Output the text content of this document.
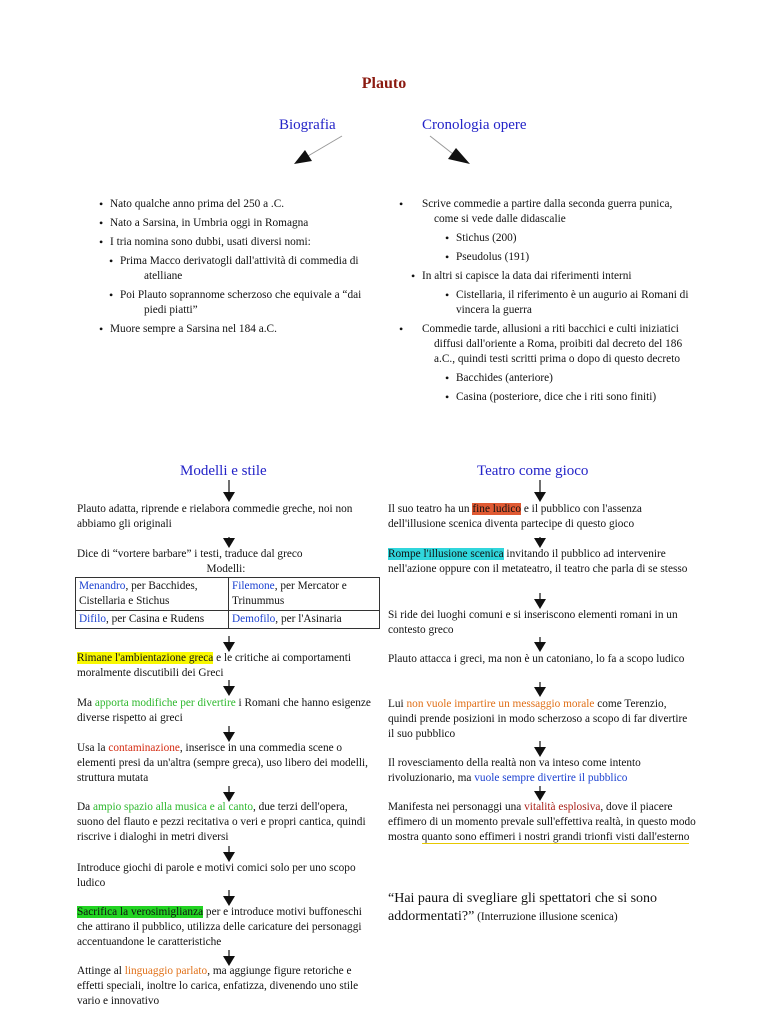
Plauto
Biografia	Cronologia opere
• Nato qualche anno prima del 250 a .C.
• Nato a Sarsina, in Umbria oggi in Romagna
• I tria nomina sono dubbi, usati diversi nomi:
• Prima Macco derivatogli dall'attività di commedia di atelliane
• Poi Plauto soprannome scherzoso che equivale a “dai piedi piatti”
• Muore sempre a Sarsina nel 184 a.C.
• Scrive commedie a partire dalla seconda guerra punica, come si vede dalle didascalie
• Stichus (200)
• Pseudolus (191)
• In altri si capisce la data dai riferimenti interni
• Cistellaria, il riferimento è un augurio ai Romani di vincera la guerra
• Commedie tarde, allusioni a riti bacchici e culti iniziatici diffusi dall'oriente a Roma, proibiti dal decreto del 186 a.C., quindi testi scritti prima o dopo di questo decreto
• Bacchides (anteriore)
• Casina (posteriore, dice che i riti sono finiti)
Modelli e stile	Teatro come gioco
Plauto adatta, riprende e rielabora commedie greche, noi non abbiamo gli originali
Dice di “vortere barbare” i testi, traduce dal greco
Modelli:
Menandro, per Bacchides, Cistellaria e Stichus	Filemone, per Mercator e Trinummus
Difilo, per Casina e Rudens	Demofilo, per l'Asinaria
Rimane l'ambientazione greca e le critiche ai comportamenti moralmente discutibili dei Greci
Ma apporta modifiche per divertire i Romani che hanno esigenze diverse rispetto ai greci
Usa la contaminazione, inserisce in una commedia scene o elementi presi da un'altra (sempre greca), uso libero dei modelli, struttura mutata
Da ampio spazio alla musica e al canto, due terzi dell'opera, suono del flauto e pezzi recitativa o veri e propri cantica, quindi riscrive i dialoghi in metri diversi
Introduce giochi di parole e motivi comici solo per uno scopo ludico
Sacrifica la verosimiglianza per e introduce motivi buffoneschi che attirano il pubblico, utilizza delle caricature dei personaggi accentuandone le caratteristiche
Attinge al linguaggio parlato, ma aggiunge figure retoriche e effetti speciali, inoltre lo carica, enfatizza, divenendo uno stile vario e innovativo
Il suo teatro ha un fine ludico e il pubblico con l'assenza dell'illusione scenica diventa partecipe di questo gioco
Rompe l'illusione scenica invitando il pubblico ad intervenire nell'azione oppure con il metateatro, il teatro che parla di se stesso
Si ride dei luoghi comuni e si inseriscono elementi romani in un contesto greco
Plauto attacca i greci, ma non è un catoniano, lo fa a scopo ludico
Lui non vuole impartire un messaggio morale come Terenzio, quindi prende posizioni in modo scherzoso a scopo di far divertire il suo pubblico
Il rovesciamento della realtà non va inteso come intento rivoluzionario, ma vuole sempre divertire il pubblico
Manifesta nei personaggi una vitalità esplosiva, dove il piacere effimero di un momento prevale sull'effettiva realtà, in questo modo mostra quanto sono effimeri i nostri grandi trionfi visti dall'esterno
“Hai paura di svegliare gli spettatori che si sono addormentati?” (Interruzione illusione scenica)
